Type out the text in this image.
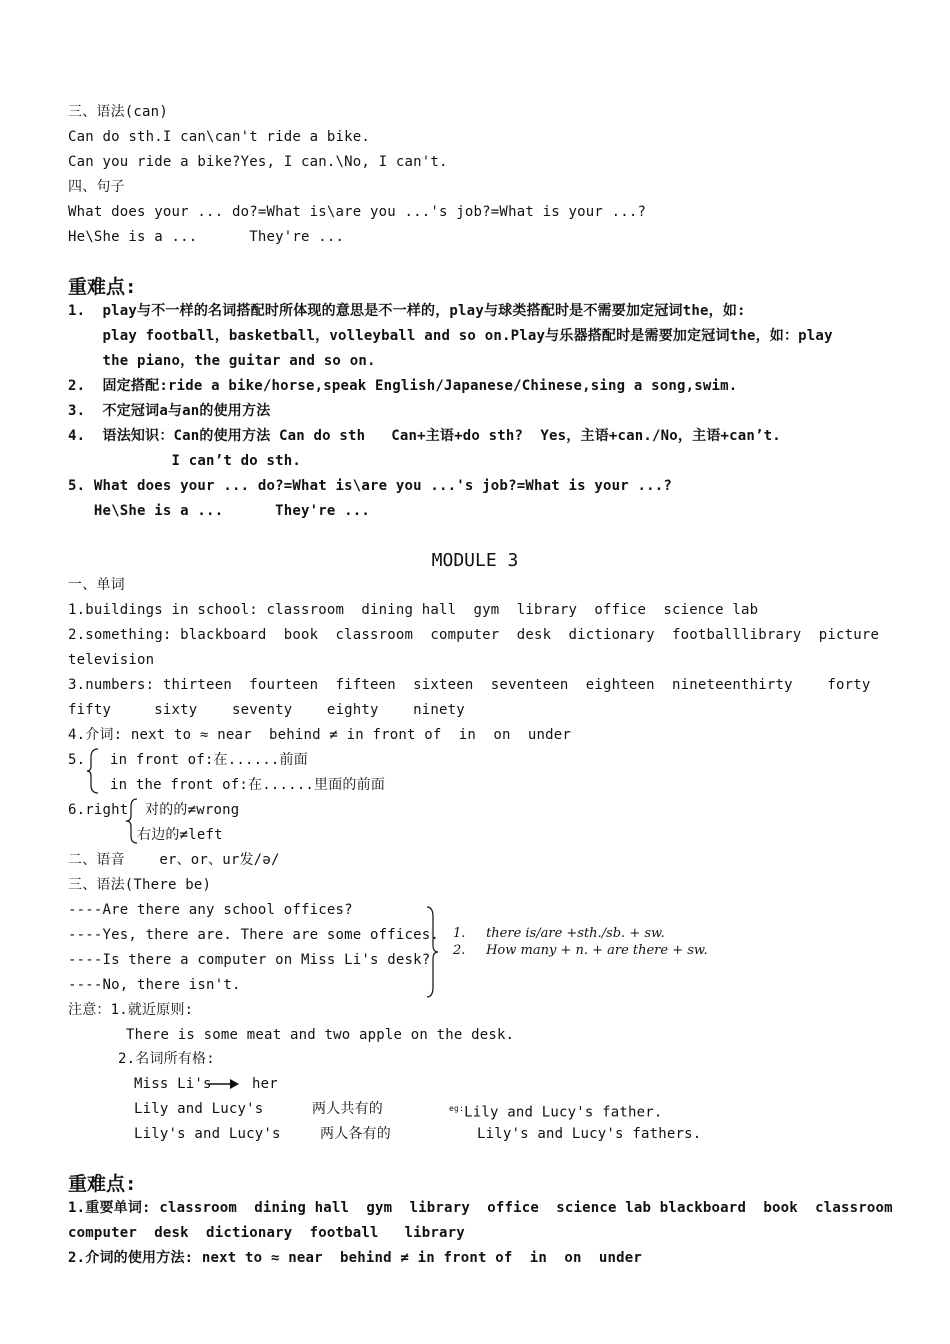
三、语法(can)
Can do sth.I can\can't ride a bike.
Can you ride a bike?Yes, I can.\No, I can't.
四、句子
What does your ... do?=What is\are you ...'s job?=What is your ...?
He\She is a ...      They're ...
重难点:
1.  play与不一样的名词搭配时所体现的意思是不一样的，play与球类搭配时是不需要加定冠词the，如:
play football，basketball，volleyball and so on.Play与乐器搭配时是需要加定冠词the，如：play
the piano，the guitar and so on.
2.  固定搭配:ride a bike/horse,speak English/Japanese/Chinese,sing a song,swim.
3.  不定冠词a与an的使用方法
4.  语法知识：Can的使用方法 Can do sth   Can+主语+do sth?  Yes，主语+can./No，主语+can’t.
I can’t do sth.
5. What does your ... do?=What is\are you ...'s job?=What is your ...?
He\She is a ...      They're ...
MODULE 3
一、单词
1.buildings in school: classroom  dining hall  gym  library  office  science lab
2.something: blackboard  book  classroom  computer  desk  dictionary  footballlibrary  picture
television
3.numbers: thirteen  fourteen  fifteen  sixteen  seventeen  eighteen  nineteenthirty    forty
fifty     sixty    seventy    eighty    ninety
4.介词: next to ≈ near  behind ≠ in front of  in  on  under
5. in front of:在......前面
in the front of:在......里面的前面
6.right 对的的≠wrong
右边的≠left
二、语音    er、or、ur发/ə/
三、语法(There be)
----Are there any school offices?
----Yes, there are. There are some offices.
----Is there a computer on Miss Li's desk?
----No, there isn't.
1.     there is/are +sth./sb. + sw.
2.     How many + n. + are there + sw.
注意：1.就近原则:
There is some meat and two apple on the desk.
2.名词所有格:
Miss Li's	her
Lily and Lucy's	两人共有的	$^{eg:}$Lily and Lucy's father.
Lily's and Lucy's	两人各有的	Lily's and Lucy's fathers.
重难点:
1.重要单词: classroom  dining hall  gym  library  office  science lab blackboard  book  classroom
computer  desk  dictionary  football   library
2.介词的使用方法: next to ≈ near  behind ≠ in front of  in  on  under
